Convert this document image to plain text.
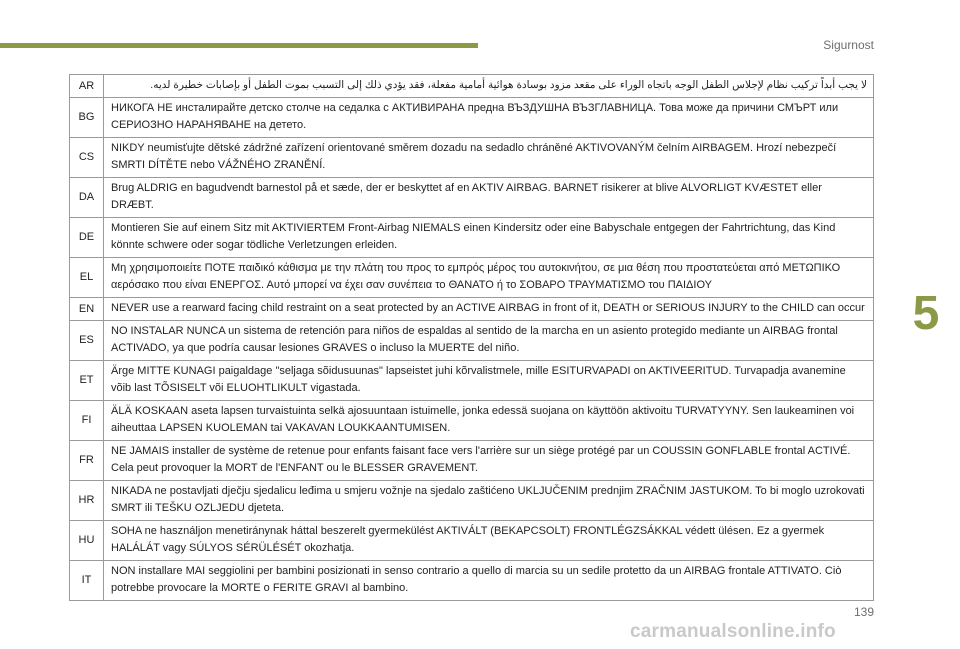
Sigurnost
5
AR	لا يجب أبداً تركيب نظام لإجلاس الطفل الوجه باتجاه الوراء على مقعد مزود بوسادة هوائية أمامية مفعلة، فقد يؤدي ذلك إلى التسبب بموت الطفل أو بإصابات خطيرة لديه.
BG	НИКОГА НЕ инсталирайте детско столче на седалка с АКТИВИРАНА предна ВЪЗДУШНА ВЪЗГЛАВНИЦА. Това може да причини СМЪРТ или СЕРИОЗНО НАРАНЯВАНЕ на детето.
CS	NIKDY neumisťujte dětské zádržné zařízení orientované směrem dozadu na sedadlo chráněné AKTIVOVANÝM čelním AIRBAGEM. Hrozí nebezpečí SMRTI DÍTĚTE nebo VÁŽNÉHO ZRANĚNÍ.
DA	Brug ALDRIG en bagudvendt barnestol på et sæde, der er beskyttet af en AKTIV AIRBAG. BARNET risikerer at blive ALVORLIGT KVÆSTET eller DRÆBT.
DE	Montieren Sie auf einem Sitz mit AKTIVIERTEM Front-Airbag NIEMALS einen Kindersitz oder eine Babyschale entgegen der Fahrtrichtung, das Kind könnte schwere oder sogar tödliche Verletzungen erleiden.
EL	Μη χρησιμοποιείτε ΠΟΤΕ παιδικό κάθισμα με την πλάτη του προς το εμπρός μέρος του αυτοκινήτου, σε μια θέση που προστατεύεται από ΜΕΤΩΠΙΚΟ αερόσακο που είναι ΕΝΕΡΓΟΣ. Αυτό μπορεί να έχει σαν συνέπεια το ΘΑΝΑΤΟ ή το ΣΟΒΑΡΟ ΤΡΑΥΜΑΤΙΣΜΟ του ΠΑΙΔΙΟΥ
EN	NEVER use a rearward facing child restraint on a seat protected by an ACTIVE AIRBAG in front of it, DEATH or SERIOUS INJURY to the CHILD can occur
ES	NO INSTALAR NUNCA un sistema de retención para niños de espaldas al sentido de la marcha en un asiento protegido mediante un AIRBAG frontal ACTIVADO, ya que podría causar lesiones GRAVES o incluso la MUERTE del niño.
ET	Ärge MITTE KUNAGI paigaldage "seljaga sõidusuunas" lapseistet juhi kõrvalistmele, mille ESITURVAPADI on AKTIVEERITUD. Turvapadja avanemine võib last TÕSISELT või ELUOHTLIKULT vigastada.
FI	ÄLÄ KOSKAAN aseta lapsen turvaistuinta selkä ajosuuntaan istuimelle, jonka edessä suojana on käyttöön aktivoitu TURVATYYNY. Sen laukeaminen voi aiheuttaa LAPSEN KUOLEMAN tai VAKAVAN LOUKKAANTUMISEN.
FR	NE JAMAIS installer de système de retenue pour enfants faisant face vers l'arrière sur un siège protégé par un COUSSIN GONFLABLE frontal ACTIVÉ. Cela peut provoquer la MORT de l'ENFANT ou le BLESSER GRAVEMENT.
HR	NIKADA ne postavljati dječju sjedalicu leđima u smjeru vožnje na sjedalo zaštićeno UKLJUČENIM prednjim ZRAČNIM JASTUKOM. To bi moglo uzrokovati SMRT ili TEŠKU OZLJEDU djeteta.
HU	SOHA ne használjon menetiránynak háttal beszerelt gyermekülést AKTIVÁLT (BEKAPCSOLT) FRONTLÉGZSÁKKAL védett ülésen. Ez a gyermek HALÁLÁT vagy SÚLYOS SÉRÜLÉSÉT okozhatja.
IT	NON installare MAI seggiolini per bambini posizionati in senso contrario a quello di marcia su un sedile protetto da un AIRBAG frontale ATTIVATO. Ciò potrebbe provocare la MORTE o FERITE GRAVI al bambino.
139
carmanualsonline.info
